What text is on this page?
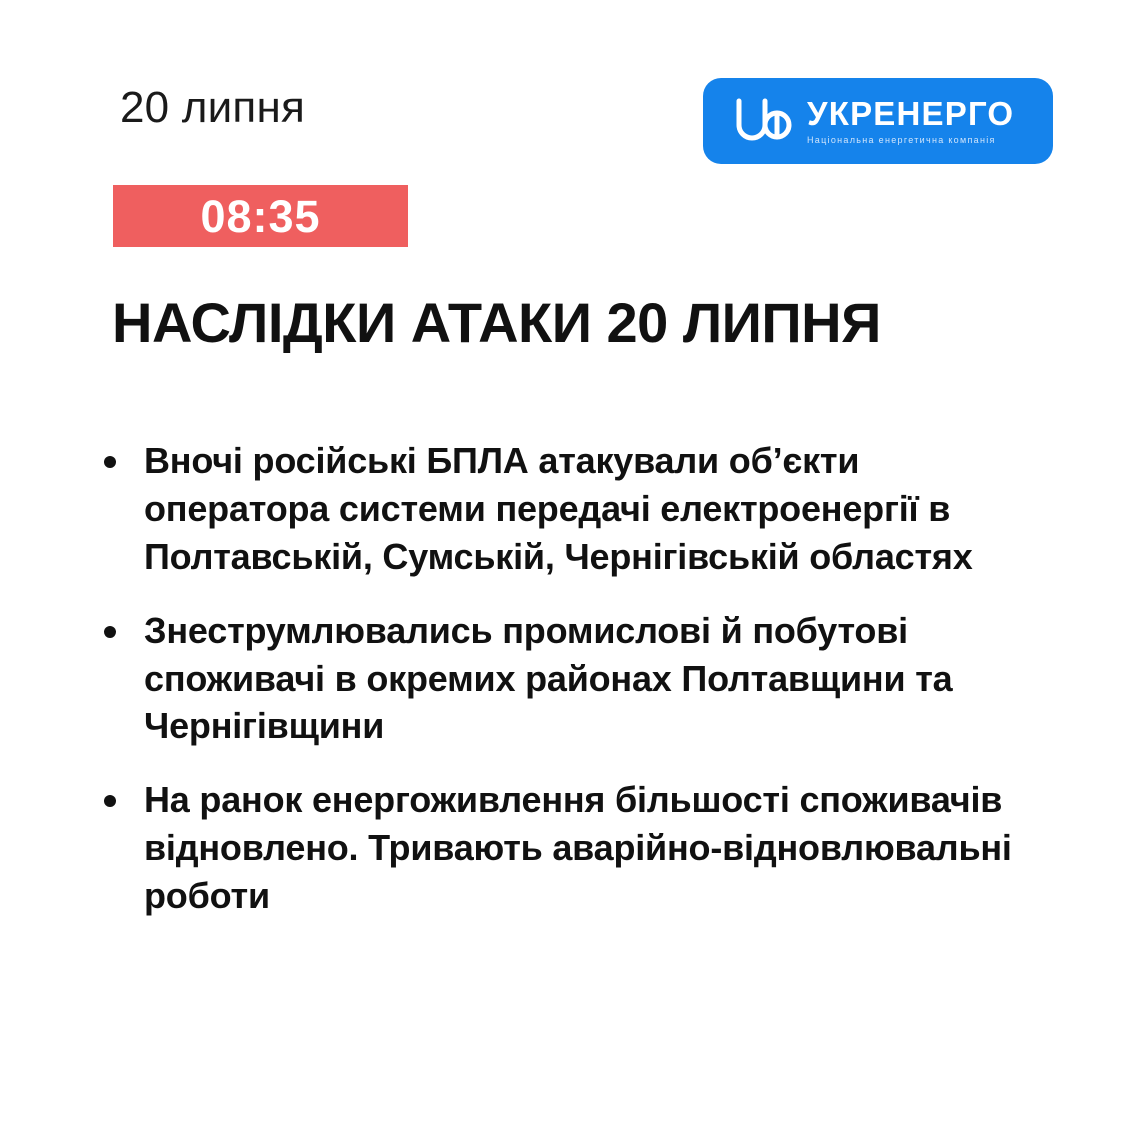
20 липня	УКРЕНЕРГО
Національна енергетична компанія
08:35
НАСЛІДКИ АТАКИ 20 ЛИПНЯ
Вночі російські БПЛА атакували об’єкти оператора системи передачі електроенергії в Полтавській, Сумській, Чернігівській областях
Знеструмлювались промислові й побутові споживачі в окремих районах Полтавщини та Чернігівщини
На ранок енергоживлення більшості споживачів відновлено. Тривають аварійно-відновлювальні роботи
